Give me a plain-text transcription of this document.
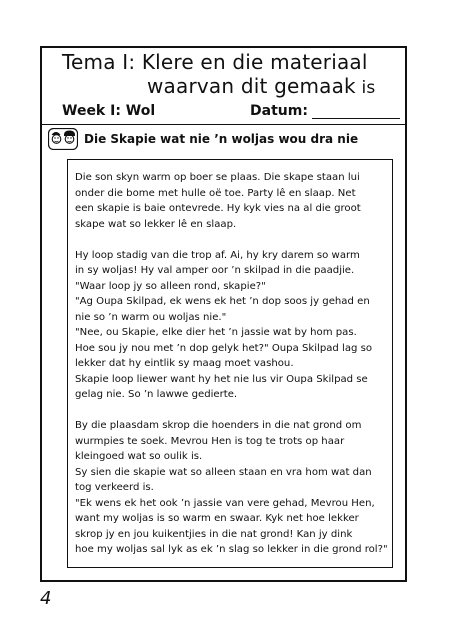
Tema I: Klere en die materiaal
waarvan dit gemaak is
Week I: Wol	Datum:
Die Skapie wat nie ’n woljas wou dra nie

Die son skyn warm op boer se plaas. Die skape staan lui
onder die bome met hulle oë toe. Party lê en slaap. Net
een skapie is baie ontevrede. Hy kyk vies na al die groot
skape wat so lekker lê en slaap.

Hy loop stadig van die trop af. Ai, hy kry darem so warm
in sy woljas! Hy val amper oor ’n skilpad in die paadjie.
"Waar loop jy so alleen rond, skapie?"
"Ag Oupa Skilpad, ek wens ek het ’n dop soos jy gehad en
nie so ’n warm ou woljas nie."
"Nee, ou Skapie, elke dier het ’n jassie wat by hom pas.
Hoe sou jy nou met ’n dop gelyk het?" Oupa Skilpad lag so
lekker dat hy eintlik sy maag moet vashou.
Skapie loop liewer want hy het nie lus vir Oupa Skilpad se
gelag nie. So ’n lawwe gedierte.

By die plaasdam skrop die hoenders in die nat grond om
wurmpies te soek. Mevrou Hen is tog te trots op haar
kleingoed wat so oulik is.
Sy sien die skapie wat so alleen staan en vra hom wat dan
tog verkeerd is.
"Ek wens ek het ook ’n jassie van vere gehad, Mevrou Hen,
want my woljas is so warm en swaar. Kyk net hoe lekker
skrop jy en jou kuikentjies in die nat grond! Kan jy dink
hoe my woljas sal lyk as ek ’n slag so lekker in die grond rol?"

4
